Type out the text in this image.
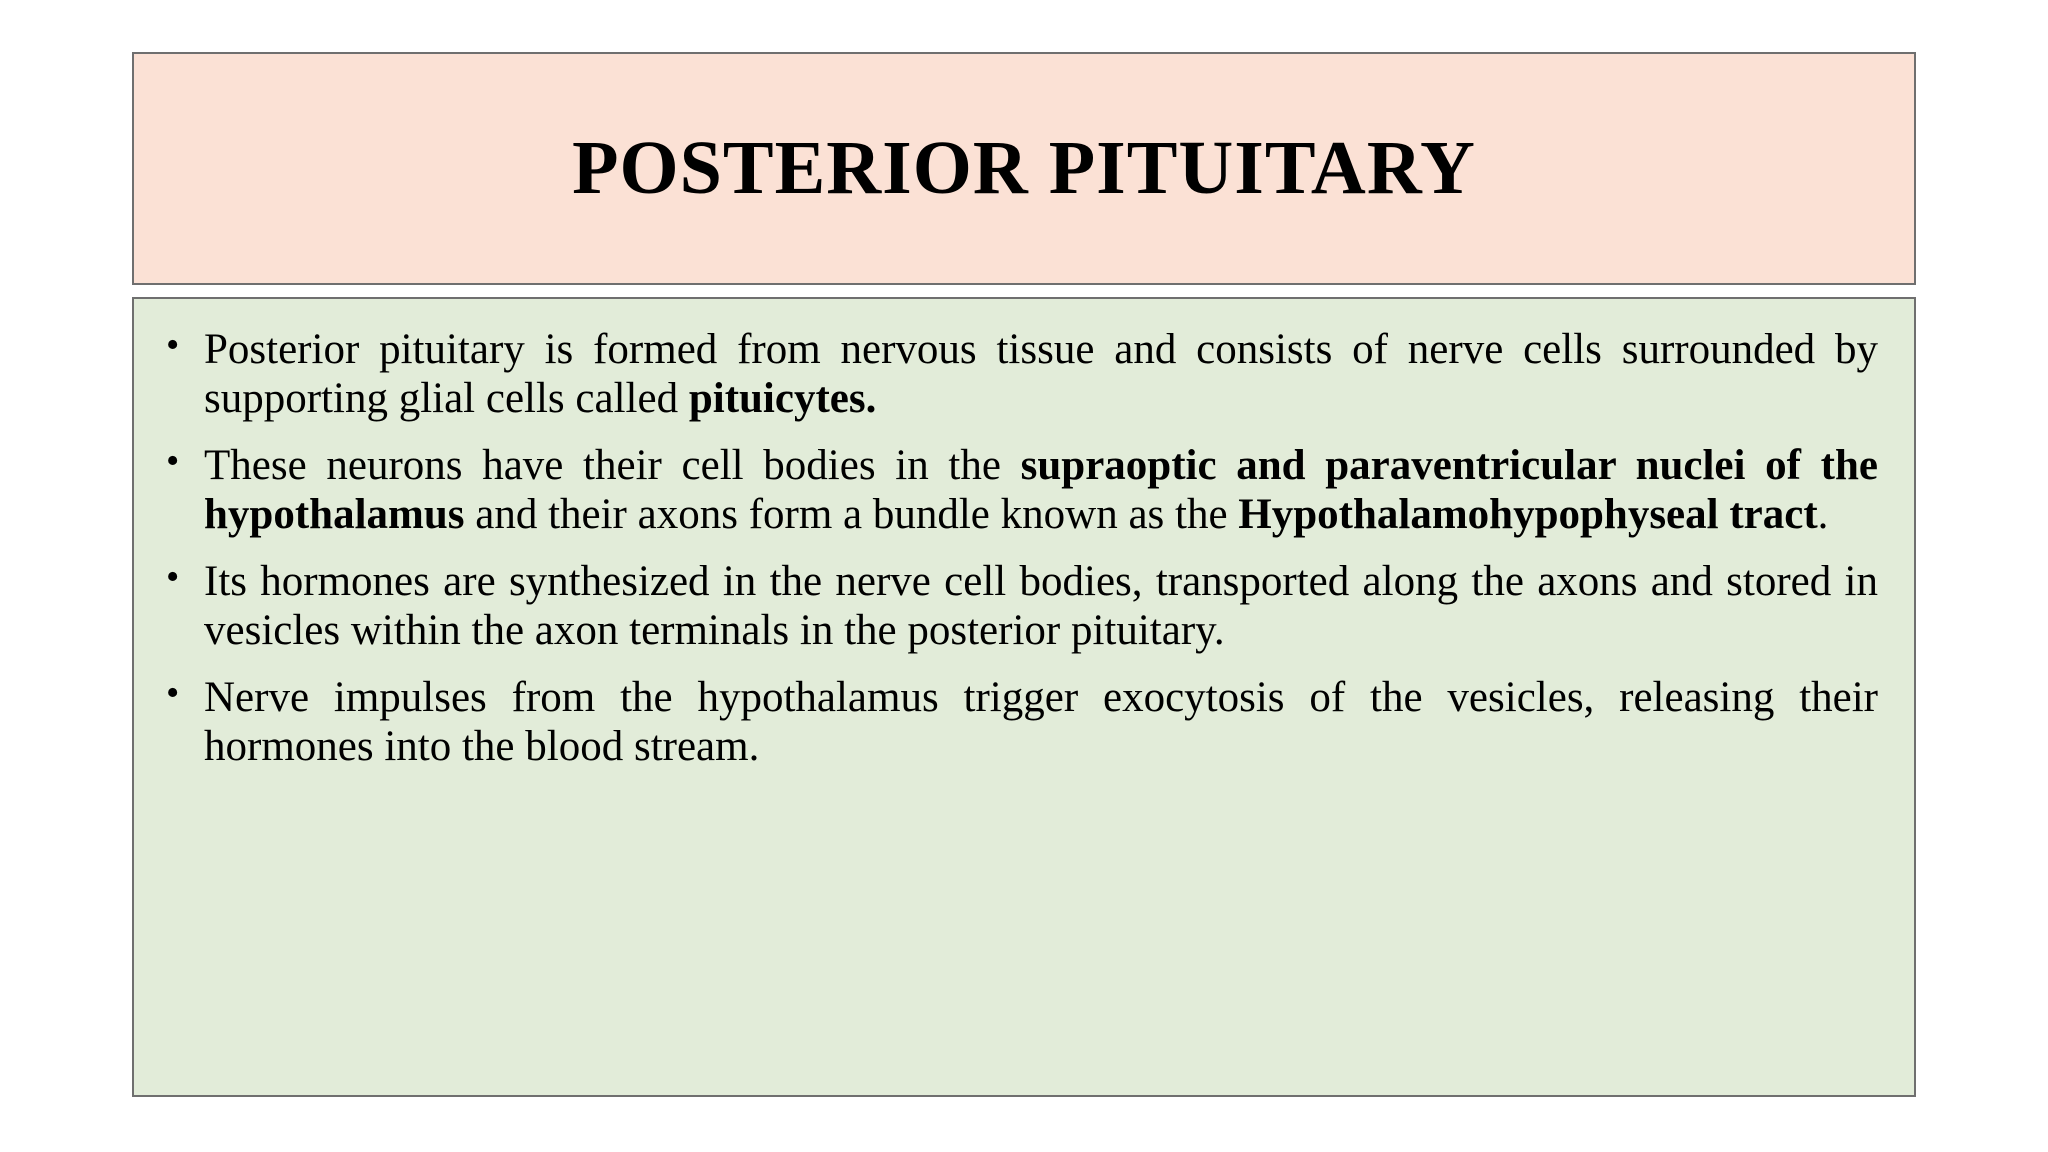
POSTERIOR PITUITARY
• Posterior pituitary is formed from nervous tissue and consists of nerve cells surrounded by supporting glial cells called pituicytes.
• These neurons have their cell bodies in the supraoptic and paraventricular nuclei of the hypothalamus and their axons form a bundle known as the Hypothalamohypophyseal tract.
• Its hormones are synthesized in the nerve cell bodies, transported along the axons and stored in vesicles within the axon terminals in the posterior pituitary.
• Nerve impulses from the hypothalamus trigger exocytosis of the vesicles, releasing their hormones into the blood stream.
